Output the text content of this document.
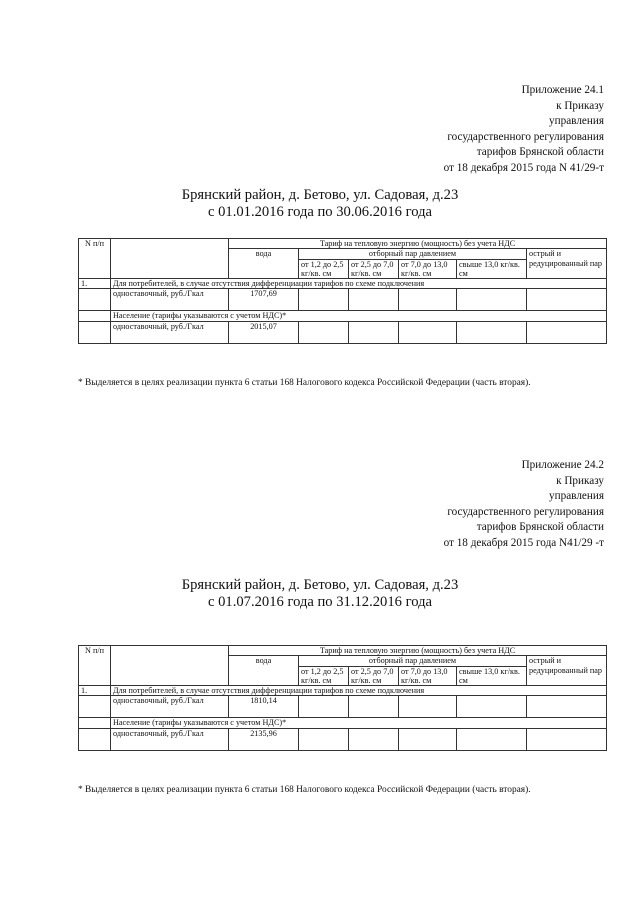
Приложение 24.1
к Приказу
управления
государственного регулирования
тарифов Брянской области
от 18 декабря 2015 года N 41/29-т
Брянский район, д. Бетово, ул. Садовая, д.23
с 01.01.2016 года по 30.06.2016 года
N п/п		Тариф на тепловую энергию (мощность) без учета НДС					
		вода	отборный пар давлением				острый и редуцированный пар
			от 1,2 до 2,5 кг/кв. см	от 2,5 до 7,0 кг/кв. см	от 7,0 до 13,0 кг/кв. см	свыше 13,0 кг/кв. см	
1.	Для потребителей, в случае отсутствия дифференциации тарифов по схеме подключения						
	одноставочный, руб./Гкал	1707,69					
	Население (тарифы указываются с учетом НДС)*						
	одноставочный, руб./Гкал	2015,07					
* Выделяется в целях реализации пункта 6 статьи 168 Налогового кодекса Российской Федерации (часть вторая).
Приложение 24.2
к Приказу
управления
государственного регулирования
тарифов Брянской области
от 18 декабря 2015 года N41/29 -т
Брянский район, д. Бетово, ул. Садовая, д.23
с 01.07.2016 года по 31.12.2016 года
N п/п		Тариф на тепловую энергию (мощность) без учета НДС					
		вода	отборный пар давлением				острый и редуцированный пар
			от 1,2 до 2,5 кг/кв. см	от 2,5 до 7,0 кг/кв. см	от 7,0 до 13,0 кг/кв. см	свыше 13,0 кг/кв. см	
1.	Для потребителей, в случае отсутствия дифференциации тарифов по схеме подключения						
	одноставочный, руб./Гкал	1810,14					
	Население (тарифы указываются с учетом НДС)*						
	одноставочный, руб./Гкал	2135,96					
* Выделяется в целях реализации пункта 6 статьи 168 Налогового кодекса Российской Федерации (часть вторая).
